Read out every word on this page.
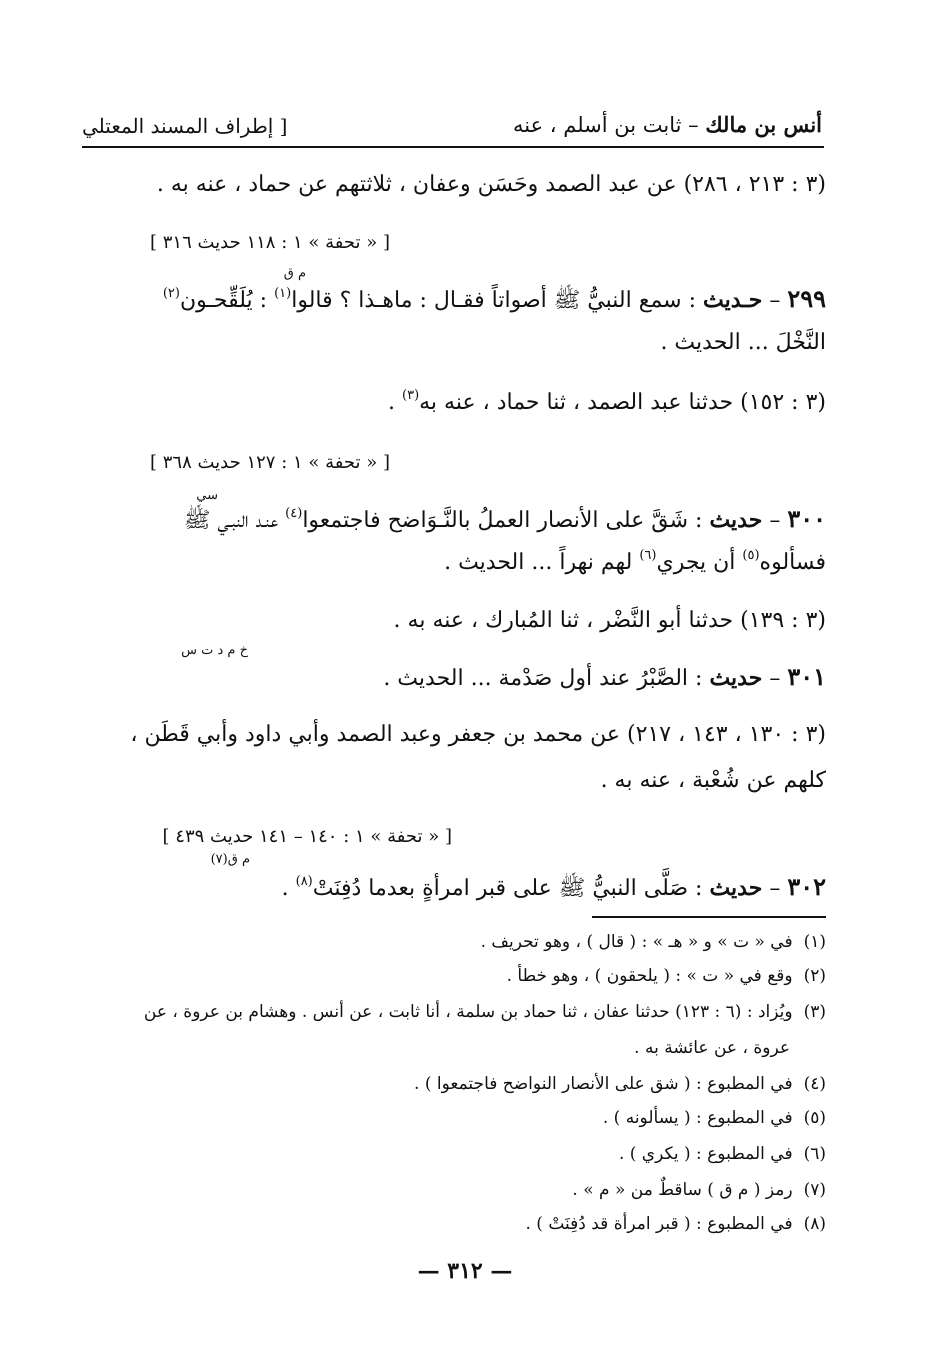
أنس بن مالك – ثابت بن أسلم ، عنه
[ إطراف المسند المعتلي
(٣ : ٢١٣ ، ٢٨٦) عن عبد الصمد وحَسَن وعفان ، ثلاثتهم عن حماد ، عنه به .
[ « تحفة » ١ : ١١٨ حديث ٣١٦ ]
م ق
٢٩٩ – حـديث : سمع النبيُّ ﷺ أصواتاً فقـال : ماهـذا ؟ قالوا$^{(١)}$ : يُلَقِّحـون$^{(٢)}$
النَّخْلَ ... الحديث .
(٣ : ١٥٢) حدثنا عبد الصمد ، ثنا حماد ، عنه به$^{(٣)}$ .
[ « تحفة » ١ : ١٢٧ حديث ٣٦٨ ]
سي
٣٠٠ – حديث : شَقَّ على الأنصار العملُ بالنَّـوَاضح فاجتمعوا$^{(٤)}$ عنـد النبـي ﷺ
فسألوه$^{(٥)}$ أن يجري$^{(٦)}$ لهم نهراً ... الحديث .
(٣ : ١٣٩) حدثنا أبو النَّضْر ، ثنا المُبارك ، عنه به .
خ م د ت س
٣٠١ – حديث : الصَّبْرُ عند أول صَدْمة ... الحديث .
(٣ : ١٣٠ ، ١٤٣ ، ٢١٧) عن محمد بن جعفر وعبد الصمد وأبي داود وأبي قَطَن ،
كلهم عن شُعْبة ، عنه به .
[ « تحفة » ١ : ١٤٠ – ١٤١ حديث ٤٣٩ ]
م ق(٧)
٣٠٢ – حديث : صَلَّى النبيُّ ﷺ على قبر امرأةٍ بعدما دُفِنَتْ$^{(٨)}$ .
(١) في « ت » و « هـ » : ( قال ) ، وهو تحريف .
(٢) وقع في « ت » : ( يلحقون ) ، وهو خطأ .
(٣) ويُزاد : (٦ : ١٢٣) حدثنا عفان ، ثنا حماد بن سلمة ، أنا ثابت ، عن أنس . وهشام بن عروة ، عن
عروة ، عن عائشة به .
(٤) في المطبوع : ( شق على الأنصار النواضح فاجتمعوا ) .
(٥) في المطبوع : ( يسألونه ) .
(٦) في المطبوع : ( يكري ) .
(٧) رمز ( م ق ) ساقطٌ من « م » .
(٨) في المطبوع : ( قبر امرأة قد دُفِنَتْ ) .
— ٣١٢ —
